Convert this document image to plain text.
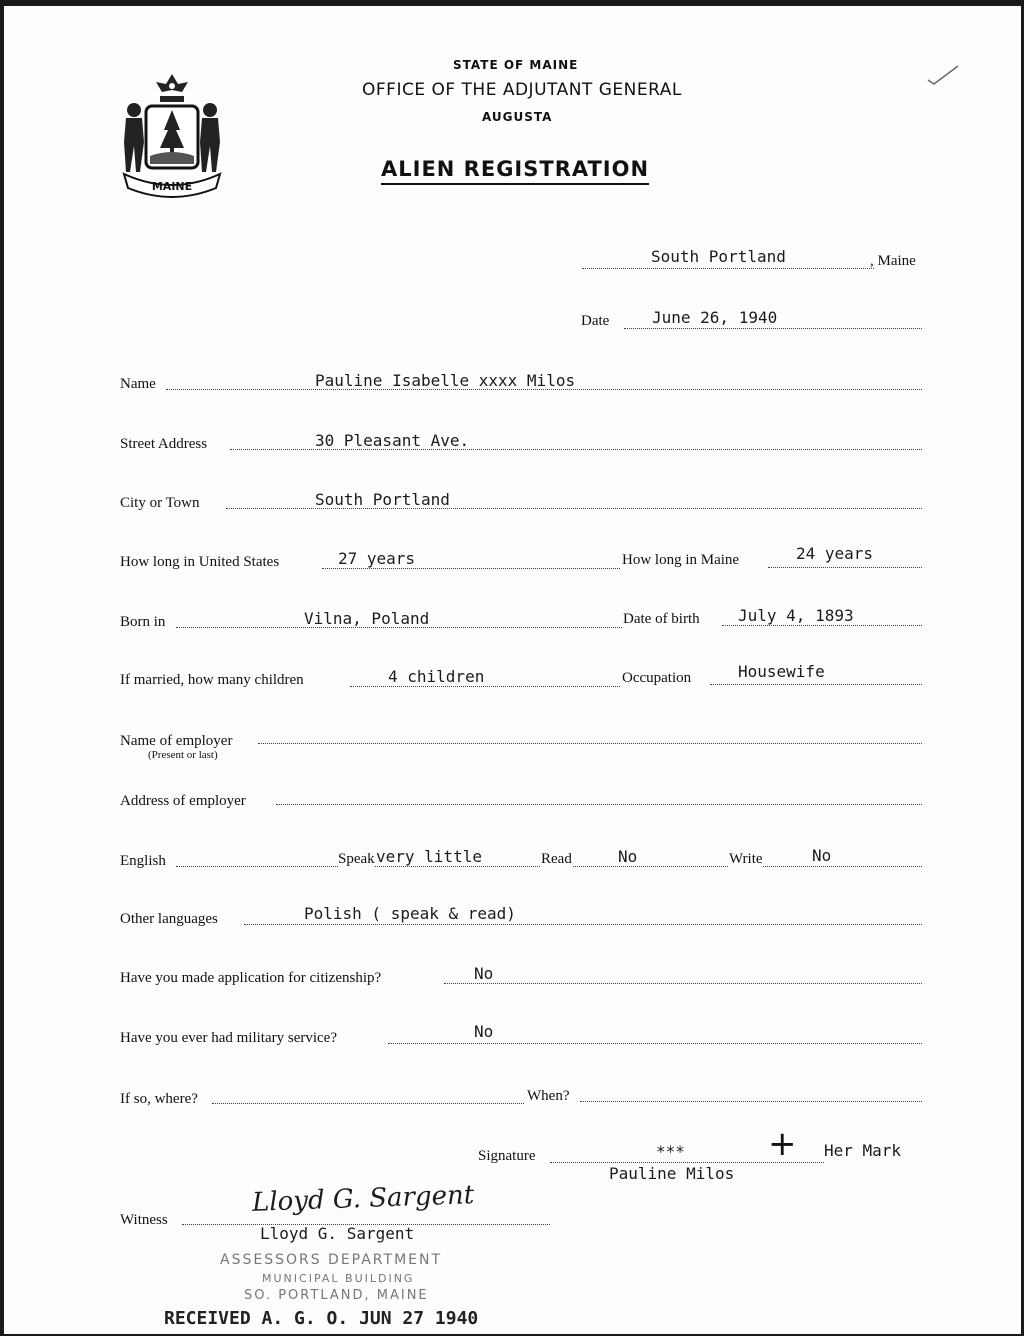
MAINE
STATE OF MAINE
OFFICE OF THE ADJUTANT GENERAL
AUGUSTA
ALIEN REGISTRATION
South Portland	, Maine
Date	June 26, 1940
Name	Pauline Isabelle xxxx Milos
Street Address	30 Pleasant Ave.
City or Town	South Portland
How long in United States	27 years	How long in Maine	24 years
Born in	Vilna, Poland	Date of birth July 4, 1893
If married, how many children	4 children	Occupation	Housewife
Name of employer
(Present or last)
Address of employer
English	Speak very little	Read	No	Write	No
Other languages	Polish ( speak & read)
Have you made application for citizenship?	No
Have you ever had military service?	No
If so, where?	When?
Signature	*** + Her Mark
Pauline Milos
Witness
Lloyd G. Sargent
Lloyd G. Sargent
ASSESSORS DEPARTMENT
MUNICIPAL BUILDING
SO. PORTLAND, MAINE
RECEIVED A. G. O. JUN 27 1940
